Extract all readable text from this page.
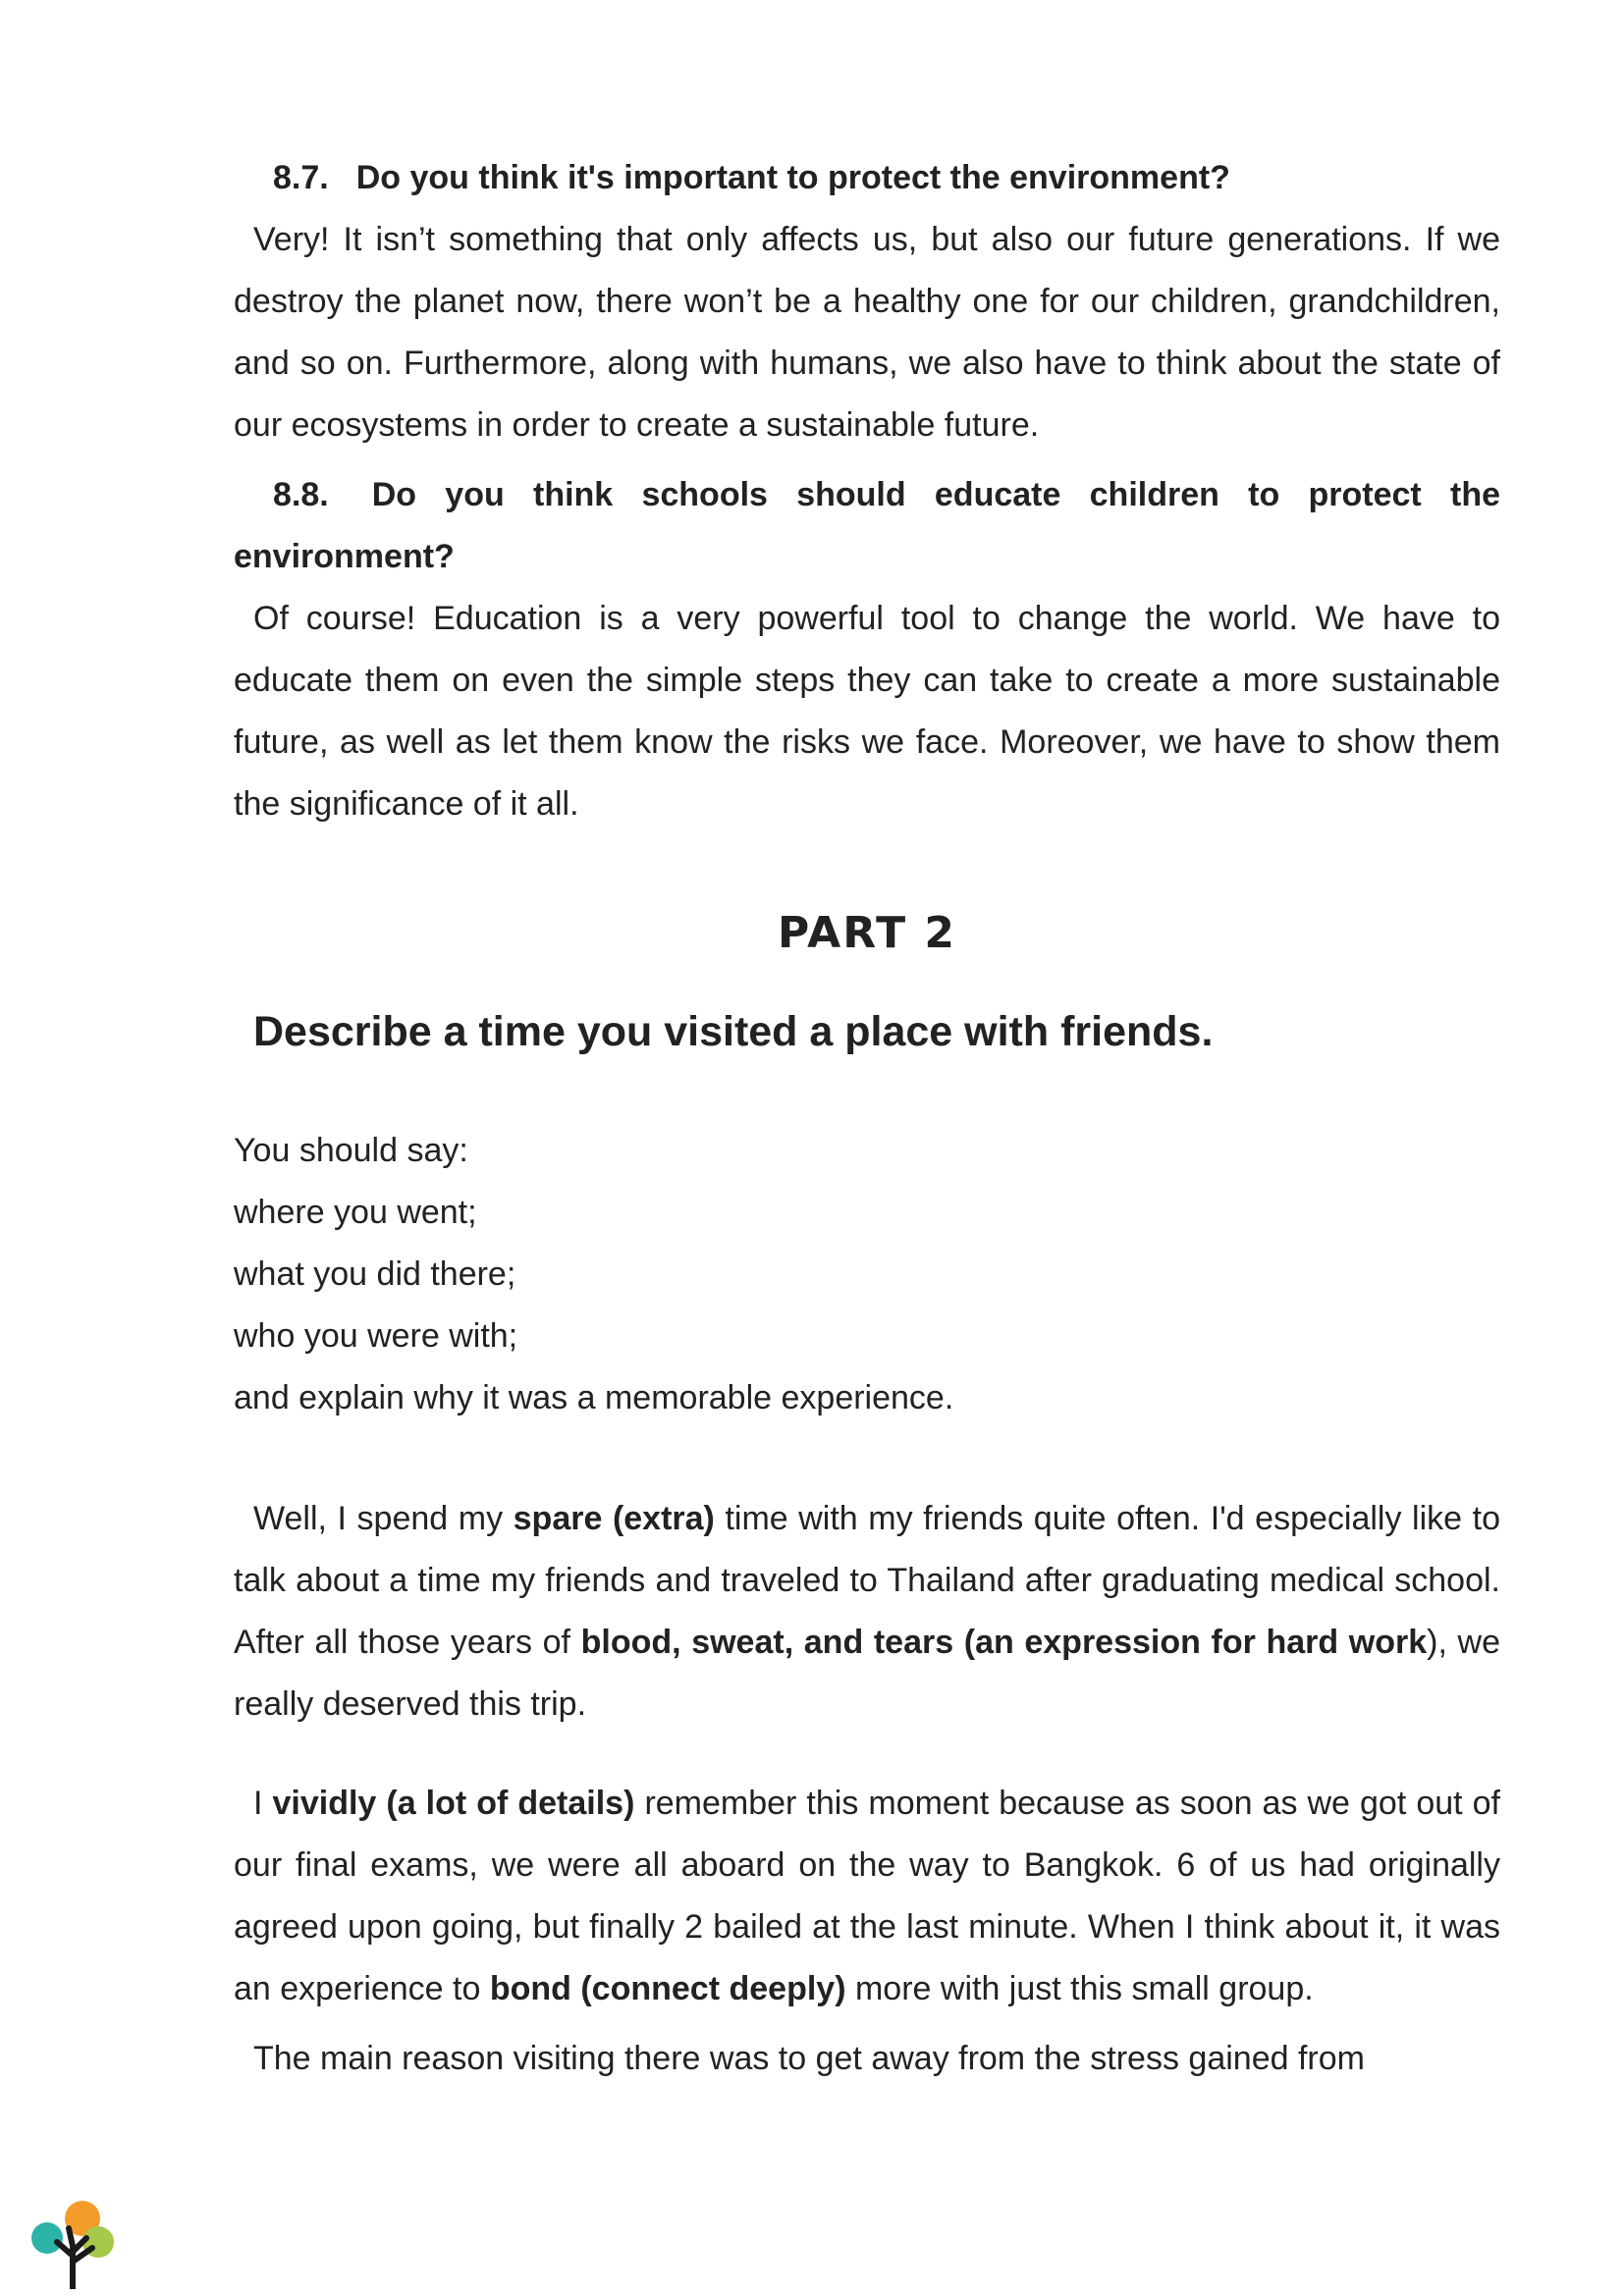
8.7. Do you think it's important to protect the environment?

Very! It isn’t something that only affects us, but also our future generations. If we destroy the planet now, there won’t be a healthy one for our children, grandchildren, and so on. Furthermore, along with humans, we also have to think about the state of our ecosystems in order to create a sustainable future.

8.8. Do you think schools should educate children to protect the environment?

Of course! Education is a very powerful tool to change the world. We have to educate them on even the simple steps they can take to create a more sustainable future, as well as let them know the risks we face. Moreover, we have to show them the significance of it all.

PART 2
Describe a time you visited a place with friends.
You should say:
where you went;
what you did there;
who you were with;
and explain why it was a memorable experience.

Well, I spend my spare (extra) time with my friends quite often. I'd especially like to talk about a time my friends and traveled to Thailand after graduating medical school. After all those years of blood, sweat, and tears (an expression for hard work), we really deserved this trip.

I vividly (a lot of details) remember this moment because as soon as we got out of our final exams, we were all aboard on the way to Bangkok. 6 of us had originally agreed upon going, but finally 2 bailed at the last minute. When I think about it, it was an experience to bond (connect deeply) more with just this small group.

The main reason visiting there was to get away from the stress gained from
